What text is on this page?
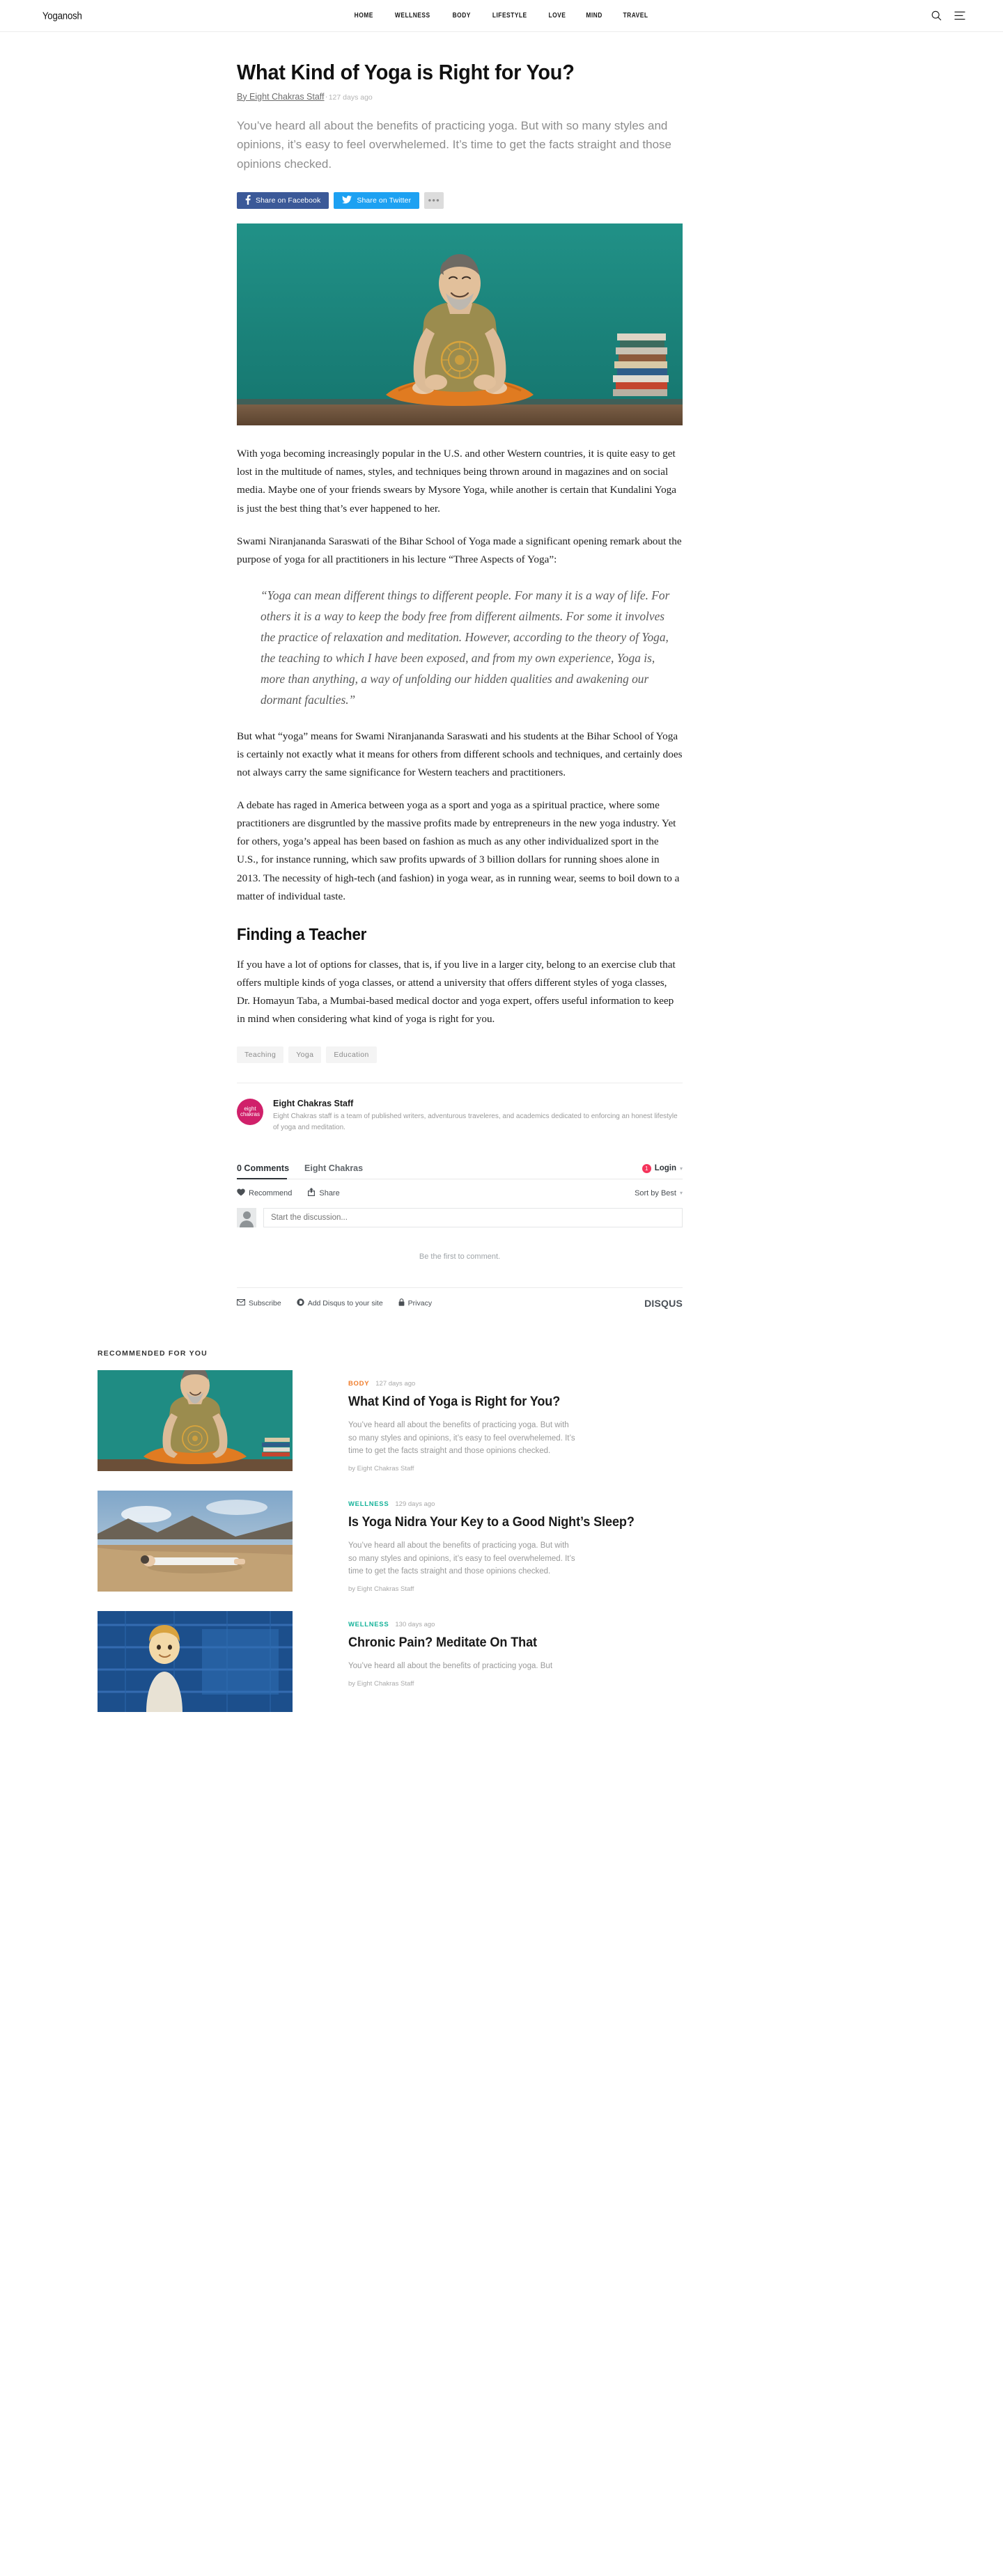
Yoganosh	HOME	WELLNESS	BODY	LIFESTYLE	LOVE	MIND	TRAVEL
What Kind of Yoga is Right for You?
By Eight Chakras Staff·127 days ago

You’ve heard all about the benefits of practicing yoga. But with so many styles and opinions, it’s easy to feel overwhelemed. It’s time to get the facts straight and those opinions checked.

Share on Facebook	Share on Twitter	•••

With yoga becoming increasingly popular in the U.S. and other Western countries, it is quite easy to get lost in the multitude of names, styles, and techniques being thrown around in magazines and on social media. Maybe one of your friends swears by Mysore Yoga, while another is certain that Kundalini Yoga is just the best thing that’s ever happened to her.

Swami Niranjananda Saraswati of the Bihar School of Yoga made a significant opening remark about the purpose of yoga for all practitioners in his lecture “Three Aspects of Yoga”:

“Yoga can mean different things to different people. For many it is a way of life. For others it is a way to keep the body free from different ailments. For some it involves the practice of relaxation and meditation. However, according to the theory of Yoga, the teaching to which I have been exposed, and from my own experience, Yoga is, more than anything, a way of unfolding our hidden qualities and awakening our dormant faculties.”

But what “yoga” means for Swami Niranjananda Saraswati and his students at the Bihar School of Yoga is certainly not exactly what it means for others from different schools and techniques, and certainly does not always carry the same significance for Western teachers and practitioners.

A debate has raged in America between yoga as a sport and yoga as a spiritual practice, where some practitioners are disgruntled by the massive profits made by entrepreneurs in the new yoga industry. Yet for others, yoga’s appeal has been based on fashion as much as any other individualized sport in the U.S., for instance running, which saw profits upwards of 3 billion dollars for running shoes alone in 2013. The necessity of high-tech (and fashion) in yoga wear, as in running wear, seems to boil down to a matter of individual taste.

Finding a Teacher

If you have a lot of options for classes, that is, if you live in a larger city, belong to an exercise club that offers multiple kinds of yoga classes, or attend a university that offers different styles of yoga classes, Dr. Homayun Taba, a Mumbai-based medical doctor and yoga expert, offers useful information to keep in mind when considering what kind of yoga is right for you.

Teaching	Yoga	Education
eight
chakras
Eight Chakras Staff
Eight Chakras staff is a team of published writers, adventurous traveleres, and academics dedicated to enforcing an honest lifestyle of yoga and meditation.
0 Comments Eight Chakras	1 Login ▾
Recommend	Share	Sort by Best ▾
Start the discussion...
Be the first to comment.
Subscribe	Add Disqus to your site	Privacy	DISQUS
RECOMMENDED FOR YOU
BODY 127 days ago
What Kind of Yoga is Right for You?

You’ve heard all about the benefits of practicing yoga. But with so many styles and opinions, it’s easy to feel overwhelemed. It’s time to get the facts straight and those opinions checked.

by Eight Chakras Staff
WELLNESS 129 days ago
Is Yoga Nidra Your Key to a Good Night’s Sleep?

You’ve heard all about the benefits of practicing yoga. But with so many styles and opinions, it’s easy to feel overwhelemed. It’s time to get the facts straight and those opinions checked.

by Eight Chakras Staff
WELLNESS 130 days ago
Chronic Pain? Meditate On That

You’ve heard all about the benefits of practicing yoga. But

by Eight Chakras Staff
